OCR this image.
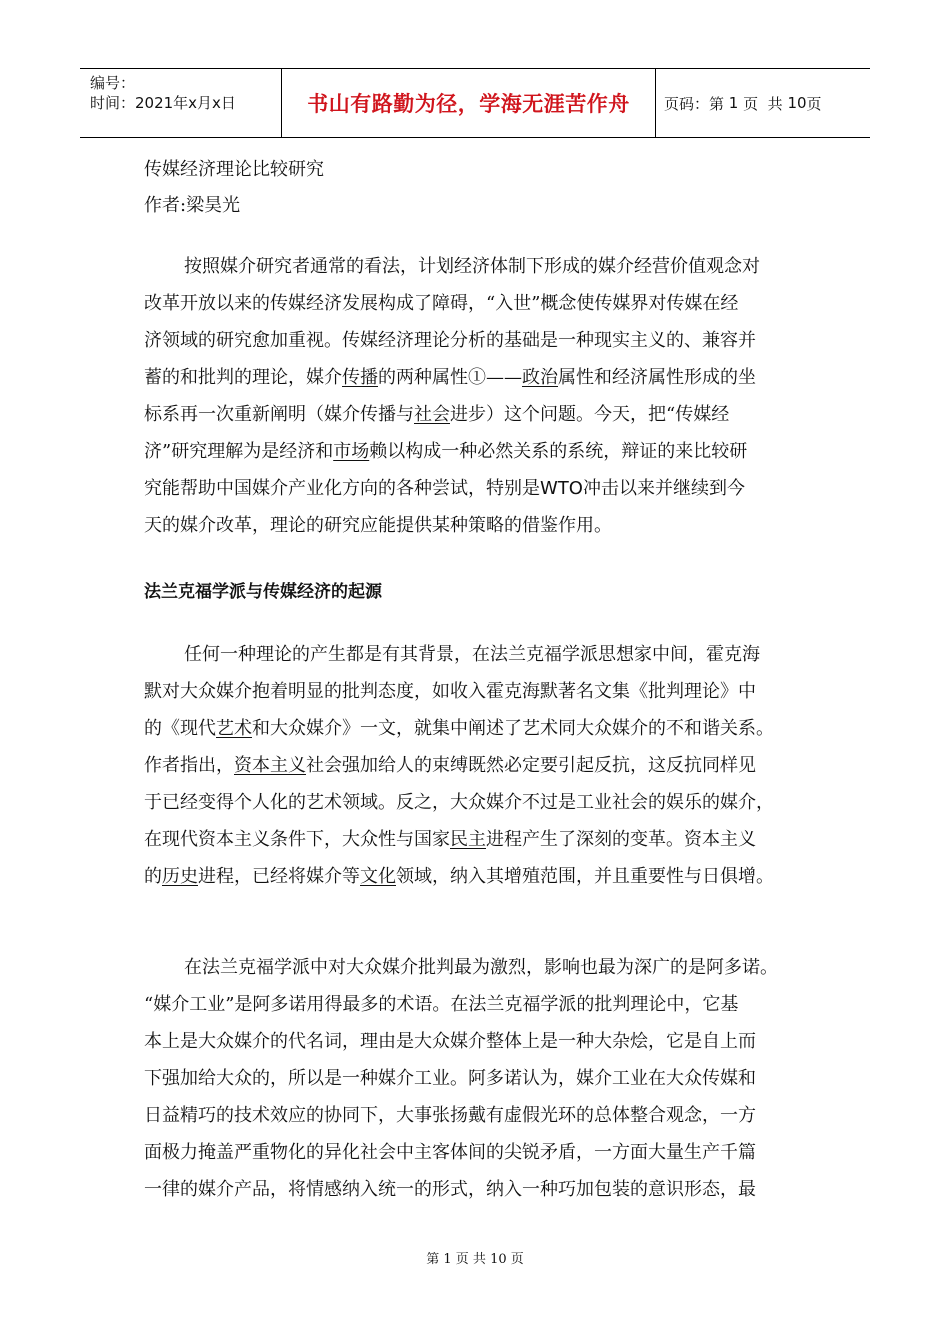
编号：
时间：2021年x月x日	书山有路勤为径，学海无涯苦作舟	页码：第
1
页  共
10 页
传媒经济理论比较研究
作者:梁昊光
按照媒介研究者通常的看法，计划经济体制下形成的媒介经营价值观念对
改革开放以来的传媒经济发展构成了障碍，“入世”概念使传媒界对传媒在经
济领域的研究愈加重视。传媒经济理论分析的基础是一种现实主义的、兼容并
蓄的和批判的理论，媒介传播的两种属性①——政治属性和经济属性形成的坐
标系再一次重新阐明（媒介传播与社会进步）这个问题。今天，把“传媒经
济”研究理解为是经济和市场赖以构成一种必然关系的系统，辩证的来比较研
究能帮助中国媒介产业化方向的各种尝试，特别是WTO冲击以来并继续到今
天的媒介改革，理论的研究应能提供某种策略的借鉴作用。
法兰克福学派与传媒经济的起源
任何一种理论的产生都是有其背景，在法兰克福学派思想家中间，霍克海
默对大众媒介抱着明显的批判态度，如收入霍克海默著名文集《批判理论》中
的《现代艺术和大众媒介》一文，就集中阐述了艺术同大众媒介的不和谐关系。
作者指出，资本主义社会强加给人的束缚既然必定要引起反抗，这反抗同样见
于已经变得个人化的艺术领域。反之，大众媒介不过是工业社会的娱乐的媒介，
在现代资本主义条件下，大众性与国家民主进程产生了深刻的变革。资本主义
的历史进程，已经将媒介等文化领域，纳入其增殖范围，并且重要性与日俱增。
在法兰克福学派中对大众媒介批判最为激烈，影响也最为深广的是阿多诺。
“媒介工业”是阿多诺用得最多的术语。在法兰克福学派的批判理论中，它基
本上是大众媒介的代名词，理由是大众媒介整体上是一种大杂烩，它是自上而
下强加给大众的，所以是一种媒介工业。阿多诺认为，媒介工业在大众传媒和
日益精巧的技术效应的协同下，大事张扬戴有虚假光环的总体整合观念，一方
面极力掩盖严重物化的异化社会中主客体间的尖锐矛盾，一方面大量生产千篇
一律的媒介产品，将情感纳入统一的形式，纳入一种巧加包装的意识形态，最
第 1 页 共 10 页
